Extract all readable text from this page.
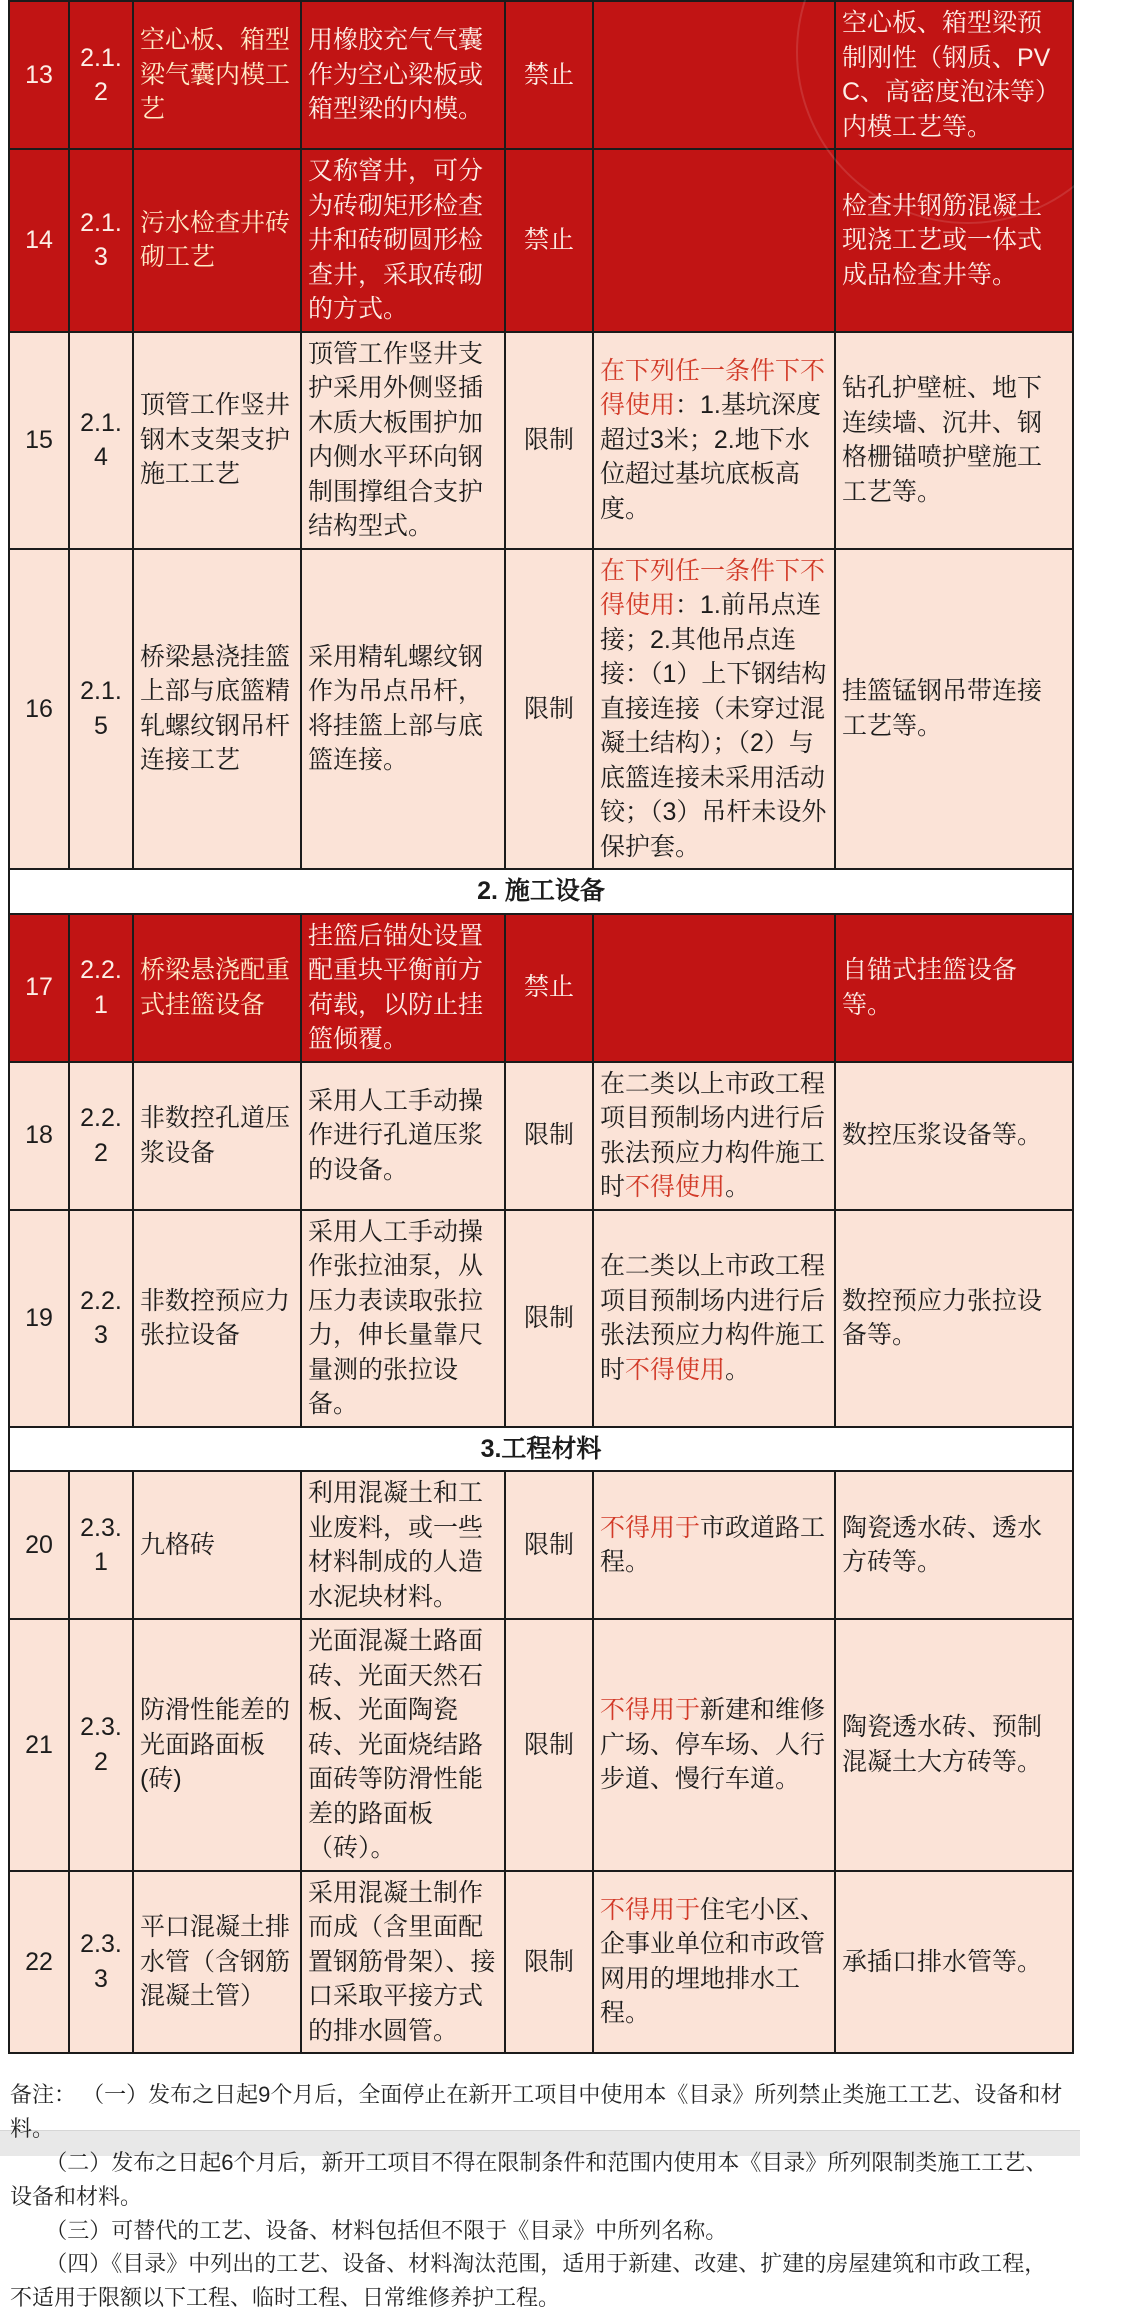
13	2.1.2	空心板、箱型梁气囊内模工艺	用橡胶充气气囊作为空心梁板或箱型梁的内模。	禁止		空心板、箱型梁预制刚性（钢质、PVC、高密度泡沫等）内模工艺等。
14	2.1.3	污水检查井砖砌工艺	又称窨井，可分为砖砌矩形检查井和砖砌圆形检查井，采取砖砌的方式。	禁止		检查井钢筋混凝土现浇工艺或一体式成品检查井等。
15	2.1.4	顶管工作竖井钢木支架支护施工工艺	顶管工作竖井支护采用外侧竖插木质大板围护加内侧水平环向钢制围撑组合支护结构型式。	限制	在下列任一条件下不得使用：1.基坑深度超过3米；2.地下水位超过基坑底板高度。	钻孔护壁桩、地下连续墙、沉井、钢格栅锚喷护壁施工工艺等。
16	2.1.5	桥梁悬浇挂篮上部与底篮精轧螺纹钢吊杆连接工艺	采用精轧螺纹钢作为吊点吊杆，将挂篮上部与底篮连接。	限制	在下列任一条件下不得使用：1.前吊点连接；2.其他吊点连接：（1）上下钢结构直接连接（未穿过混凝土结构）；（2）与底篮连接未采用活动铰；（3）吊杆未设外保护套。	挂篮锰钢吊带连接工艺等。
2. 施工设备						
17	2.2.1	桥梁悬浇配重式挂篮设备	挂篮后锚处设置配重块平衡前方荷载，以防止挂篮倾覆。	禁止		自锚式挂篮设备等。
18	2.2.2	非数控孔道压浆设备	采用人工手动操作进行孔道压浆的设备。	限制	在二类以上市政工程项目预制场内进行后张法预应力构件施工时不得使用。	数控压浆设备等。
19	2.2.3	非数控预应力张拉设备	采用人工手动操作张拉油泵，从压力表读取张拉力，伸长量靠尺量测的张拉设备。	限制	在二类以上市政工程项目预制场内进行后张法预应力构件施工时不得使用。	数控预应力张拉设备等。
3.工程材料						
20	2.3.1	九格砖	利用混凝土和工业废料，或一些材料制成的人造水泥块材料。	限制	不得用于市政道路工程。	陶瓷透水砖、透水方砖等。
21	2.3.2	防滑性能差的光面路面板(砖)	光面混凝土路面砖、光面天然石板、光面陶瓷砖、光面烧结路面砖等防滑性能差的路面板（砖）。	限制	不得用于新建和维修广场、停车场、人行步道、慢行车道。	陶瓷透水砖、预制混凝土大方砖等。
22	2.3.3	平口混凝土排水管（含钢筋混凝土管）	采用混凝土制作而成（含里面配置钢筋骨架）、接口采取平接方式的排水圆管。	限制	不得用于住宅小区、企事业单位和市政管网用的埋地排水工程。	承插口排水管等。

备注： （一）发布之日起9个月后，全面停止在新开工项目中使用本《目录》所列禁止类施工工艺、设备和材料。

（二）发布之日起6个月后，新开工项目不得在限制条件和范围内使用本《目录》所列限制类施工工艺、设备和材料。

（三）可替代的工艺、设备、材料包括但不限于《目录》中所列名称。

（四）《目录》中列出的工艺、设备、材料淘汰范围，适用于新建、改建、扩建的房屋建筑和市政工程，不适用于限额以下工程、临时工程、日常维修养护工程。
